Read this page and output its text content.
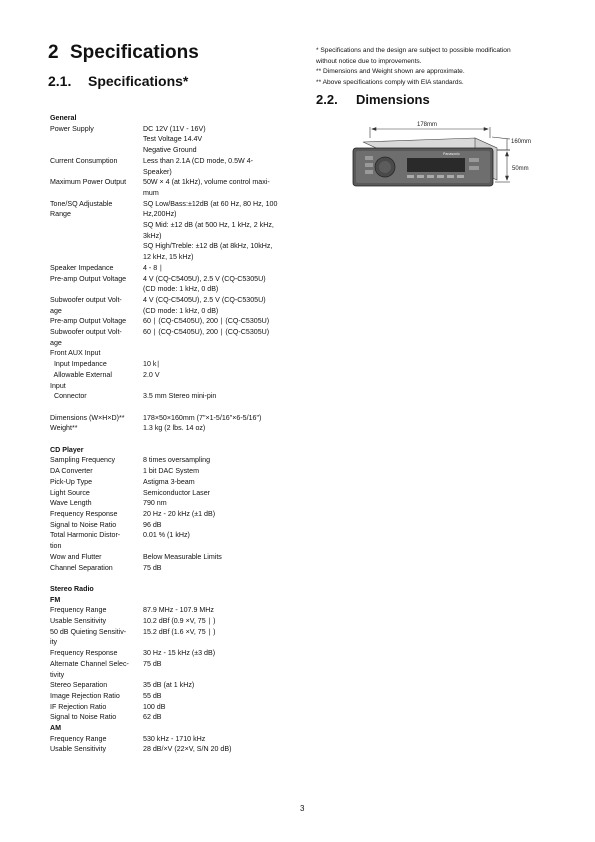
2 Specifications
2.1. Specifications*
* Specifications and the design are subject to possible modification
without notice due to improvements.
** Dimensions and Weight shown are approximate.
** Above specifications comply with EIA standards.
2.2. Dimensions
Panasonic
178mm
160mm
50mm
General
Power Supply	DC 12V (11V - 16V)
Test Voltage 14.4V
Negative Ground
Current Consumption	Less than 2.1A (CD mode, 0.5W 4-
Speaker)
Maximum Power Output	50W × 4 (at 1kHz), volume control maxi-
mum
Tone/SQ Adjustable	SQ Low/Bass:±12dB (at 60 Hz, 80 Hz, 100
Range	Hz,200Hz)
SQ Mid: ±12 dB (at 500 Hz, 1 kHz, 2 kHz,
3kHz)
SQ High/Treble: ±12 dB (at 8kHz, 10kHz,
12 kHz, 15 kHz)
Speaker Impedance	4 - 8 ∣
Pre-amp Output Voltage	4 V (CQ-C5405U), 2.5 V (CQ-C5305U)
(CD mode: 1 kHz, 0 dB)
Subwoofer output Volt-	4 V (CQ-C5405U), 2.5 V (CQ-C5305U)
age	(CD mode: 1 kHz, 0 dB)
Pre-amp Output Voltage	60 ∣ (CQ-C5405U), 200 ∣ (CQ-C5305U)
Subwoofer output Volt-	60 ∣ (CQ-C5405U), 200 ∣ (CQ-C5305U)
age
Front AUX Input
Input Impedance	10 k∣
Allowable External	2.0 V
Input
Connector	3.5 mm Stereo mini-pin
Dimensions (W×H×D)**	178×50×160mm (7"×1-5/16"×6-5/16")
Weight**	1.3 kg (2 lbs. 14 oz)
CD Player
Sampling Frequency	8 times oversampling
DA Converter	1 bit DAC System
Pick-Up Type	Astigma 3-beam
Light Source	Semiconductor Laser
Wave Length	790 nm
Frequency Response	20 Hz - 20 kHz (±1 dB)
Signal to Noise Ratio	96 dB
Total Harmonic Distor-	0.01 % (1 kHz)
tion
Wow and Flutter	Below Measurable Limits
Channel Separation	75 dB
Stereo Radio
FM
Frequency Range	87.9 MHz - 107.9 MHz
Usable Sensitivity	10.2 dBf (0.9 ×V, 75 ∣ )
50 dB Quieting Sensitiv-	15.2 dBf (1.6 ×V, 75 ∣ )
ity
Frequency Response	30 Hz - 15 kHz (±3 dB)
Alternate Channel Selec-	75 dB
tivity
Stereo Separation	35 dB (at 1 kHz)
Image Rejection Ratio	55 dB
IF Rejection Ratio	100 dB
Signal to Noise Ratio	62 dB
AM
Frequency Range	530 kHz - 1710 kHz
Usable Sensitivity	28 dB/×V (22×V, S/N 20 dB)
3
